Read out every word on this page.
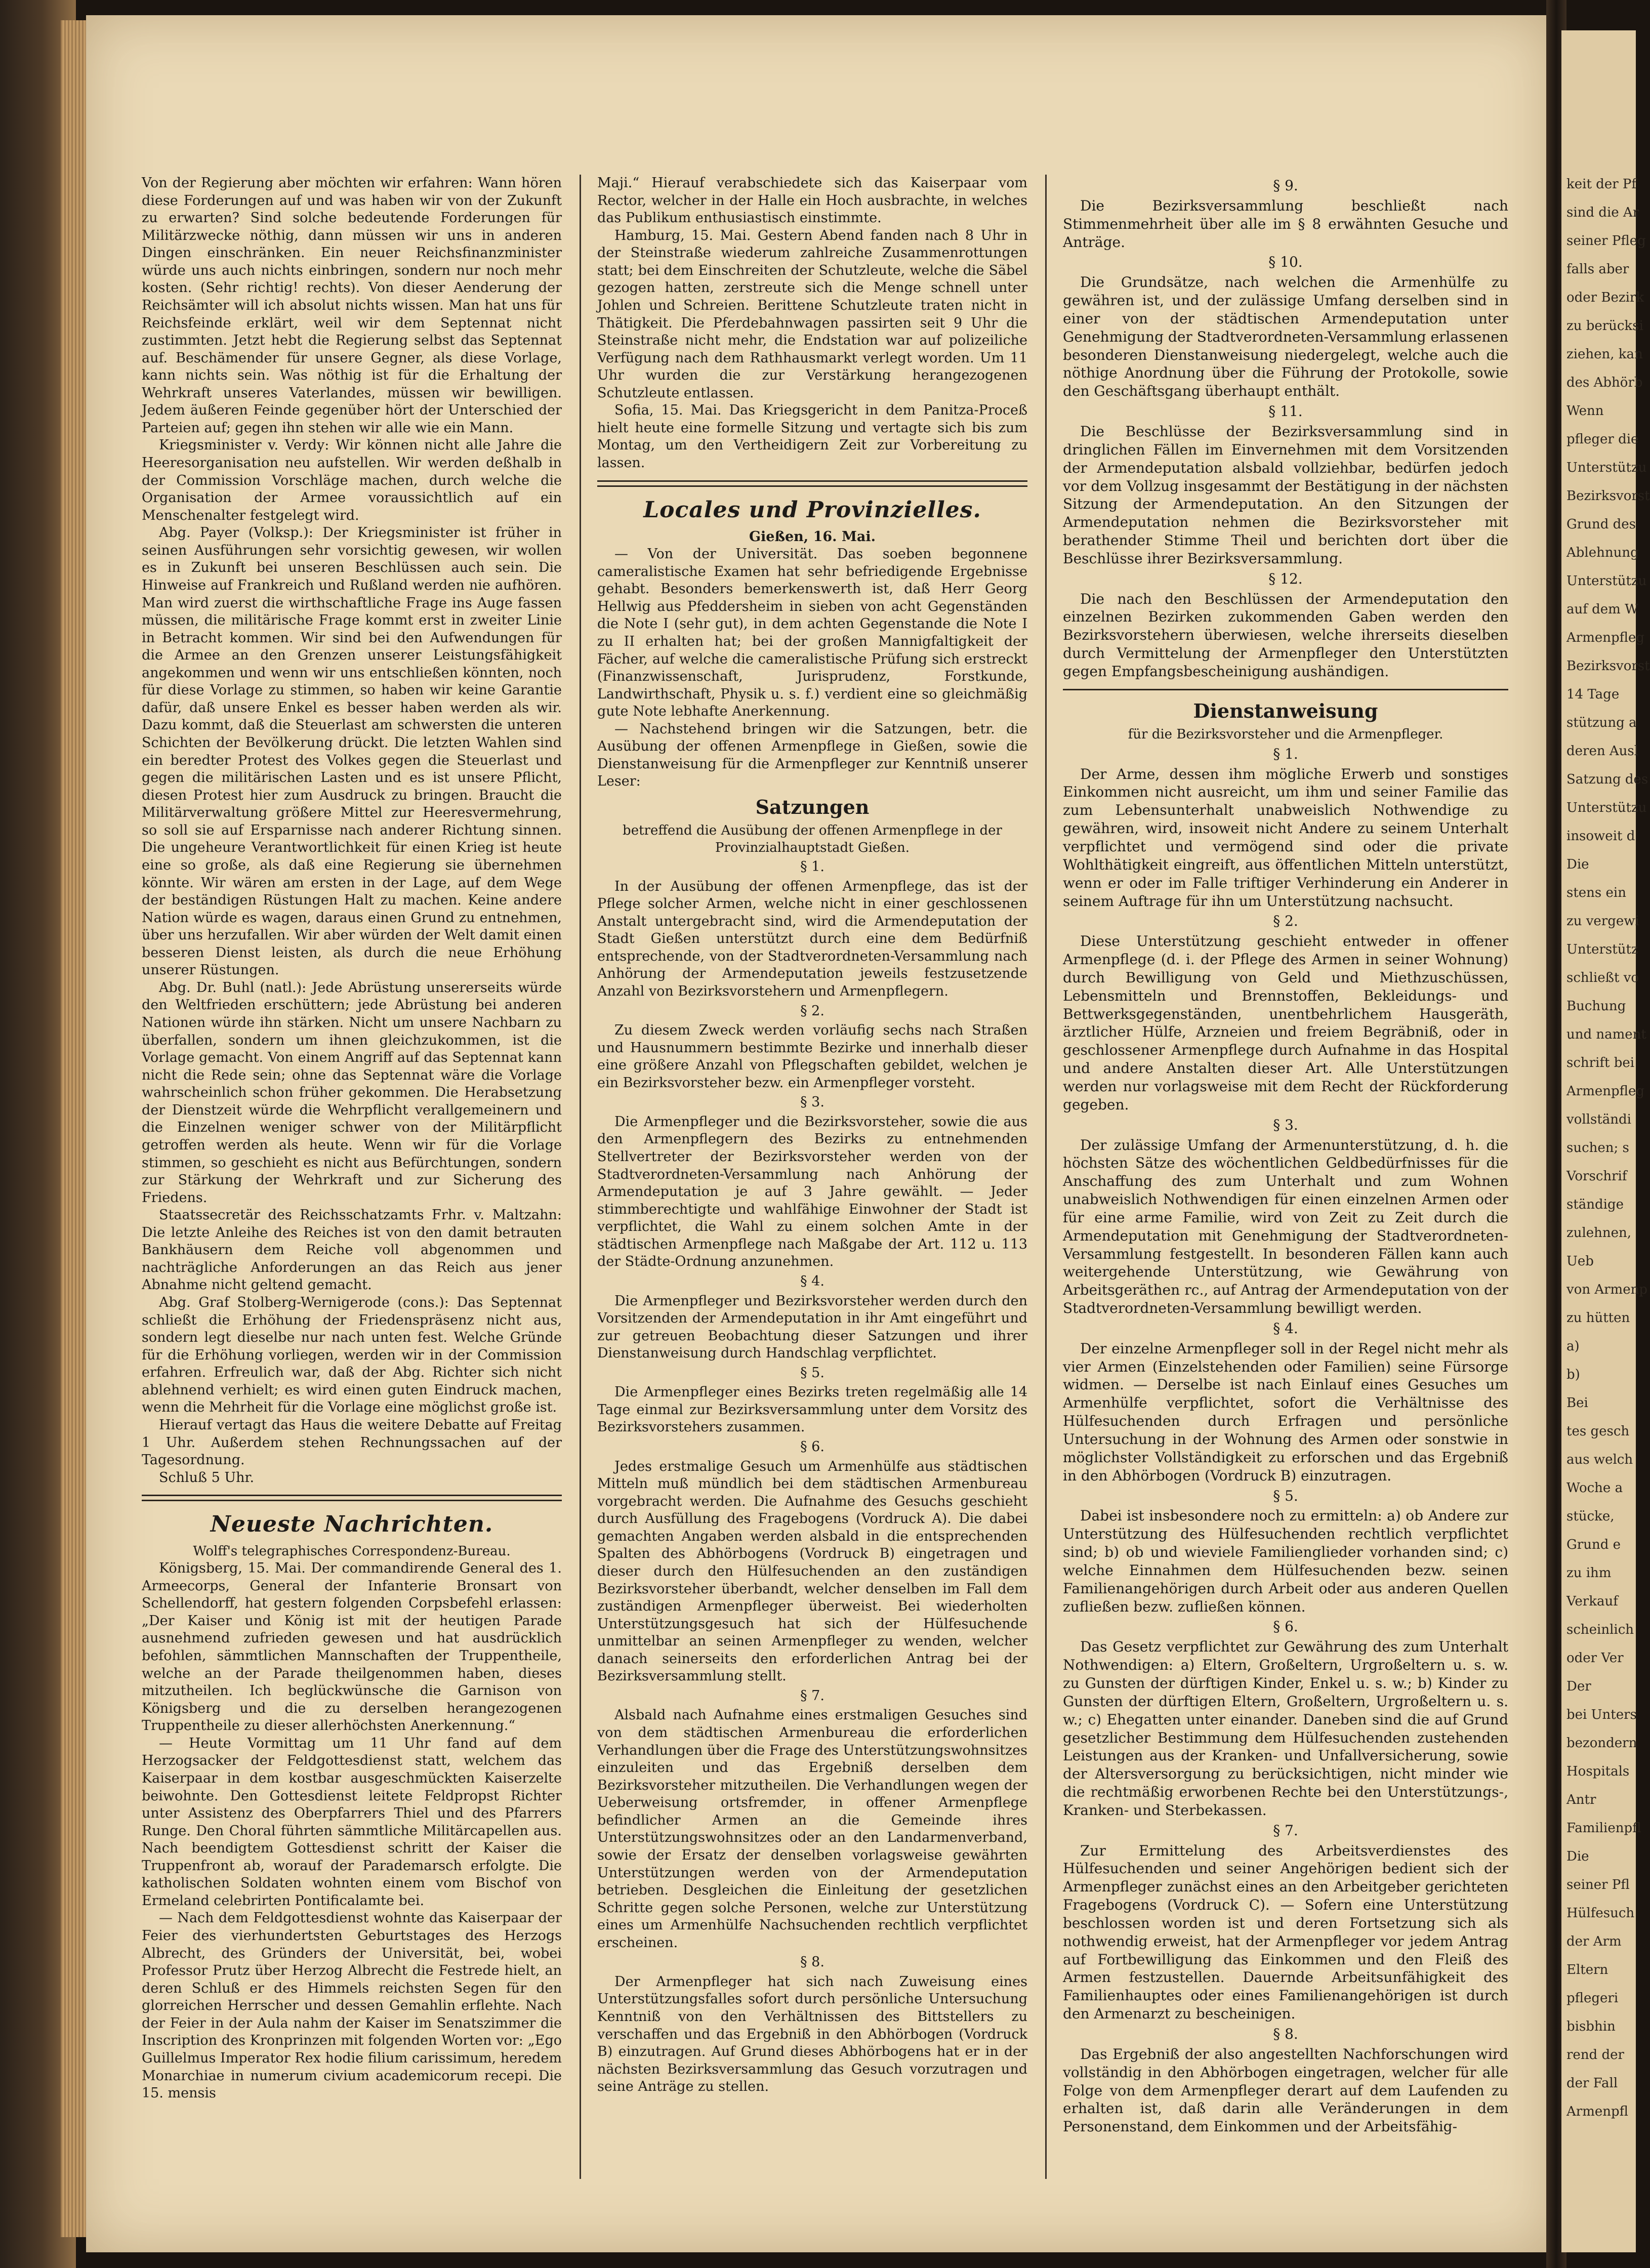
Von der Regierung aber möchten wir erfahren: Wann hören diese Forderungen auf und was haben wir von der Zukunft zu erwarten? Sind solche bedeutende Forderungen für Militärzwecke nöthig, dann müssen wir uns in anderen Dingen einschränken. Ein neuer Reichsfinanzminister würde uns auch nichts einbringen, sondern nur noch mehr kosten. (Sehr richtig! rechts). Von dieser Aenderung der Reichsämter will ich absolut nichts wissen. Man hat uns für Reichsfeinde erklärt, weil wir dem Septennat nicht zustimmten. Jetzt hebt die Regierung selbst das Septennat auf. Beschämender für unsere Gegner, als diese Vorlage, kann nichts sein. Was nöthig ist für die Erhaltung der Wehrkraft unseres Vaterlandes, müssen wir bewilligen. Jedem äußeren Feinde gegenüber hört der Unterschied der Parteien auf; gegen ihn stehen wir alle wie ein Mann.

Kriegsminister v. Verdy: Wir können nicht alle Jahre die Heeresorganisation neu aufstellen. Wir werden deßhalb in der Commission Vorschläge machen, durch welche die Organisation der Armee voraussichtlich auf ein Menschenalter festgelegt wird.

Abg. Payer (Volksp.): Der Kriegsminister ist früher in seinen Ausführungen sehr vorsichtig gewesen, wir wollen es in Zukunft bei unseren Beschlüssen auch sein. Die Hinweise auf Frankreich und Rußland werden nie aufhören. Man wird zuerst die wirthschaftliche Frage ins Auge fassen müssen, die militärische Frage kommt erst in zweiter Linie in Betracht kommen. Wir sind bei den Aufwendungen für die Armee an den Grenzen unserer Leistungsfähigkeit angekommen und wenn wir uns entschließen könnten, noch für diese Vorlage zu stimmen, so haben wir keine Garantie dafür, daß unsere Enkel es besser haben werden als wir. Dazu kommt, daß die Steuerlast am schwersten die unteren Schichten der Bevölkerung drückt. Die letzten Wahlen sind ein beredter Protest des Volkes gegen die Steuerlast und gegen die militärischen Lasten und es ist unsere Pflicht, diesen Protest hier zum Ausdruck zu bringen. Braucht die Militärverwaltung größere Mittel zur Heeresvermehrung, so soll sie auf Ersparnisse nach anderer Richtung sinnen. Die ungeheure Verantwortlichkeit für einen Krieg ist heute eine so große, als daß eine Regierung sie übernehmen könnte. Wir wären am ersten in der Lage, auf dem Wege der beständigen Rüstungen Halt zu machen. Keine andere Nation würde es wagen, daraus einen Grund zu entnehmen, über uns herzufallen. Wir aber würden der Welt damit einen besseren Dienst leisten, als durch die neue Erhöhung unserer Rüstungen.

Abg. Dr. Buhl (natl.): Jede Abrüstung unsererseits würde den Weltfrieden erschüttern; jede Abrüstung bei anderen Nationen würde ihn stärken. Nicht um unsere Nachbarn zu überfallen, sondern um ihnen gleichzukommen, ist die Vorlage gemacht. Von einem Angriff auf das Septennat kann nicht die Rede sein; ohne das Septennat wäre die Vorlage wahrscheinlich schon früher gekommen. Die Herabsetzung der Dienstzeit würde die Wehrpflicht verallgemeinern und die Einzelnen weniger schwer von der Militärpflicht getroffen werden als heute. Wenn wir für die Vorlage stimmen, so geschieht es nicht aus Befürchtungen, sondern zur Stärkung der Wehrkraft und zur Sicherung des Friedens.

Staatssecretär des Reichsschatzamts Frhr. v. Maltzahn: Die letzte Anleihe des Reiches ist von den damit betrauten Bankhäusern dem Reiche voll abgenommen und nachträgliche Anforderungen an das Reich aus jener Abnahme nicht geltend gemacht.

Abg. Graf Stolberg-Wernigerode (cons.): Das Septennat schließt die Erhöhung der Friedenspräsenz nicht aus, sondern legt dieselbe nur nach unten fest. Welche Gründe für die Erhöhung vorliegen, werden wir in der Commission erfahren. Erfreulich war, daß der Abg. Richter sich nicht ablehnend verhielt; es wird einen guten Eindruck machen, wenn die Mehrheit für die Vorlage eine möglichst große ist.

Hierauf vertagt das Haus die weitere Debatte auf Freitag 1 Uhr. Außerdem stehen Rechnungssachen auf der Tagesordnung.

Schluß 5 Uhr.

Neueste Nachrichten.
Wolff's telegraphisches Correspondenz-Bureau.

Königsberg, 15. Mai. Der commandirende General des 1. Armeecorps, General der Infanterie Bronsart von Schellendorff, hat gestern folgenden Corpsbefehl erlassen: „Der Kaiser und König ist mit der heutigen Parade ausnehmend zufrieden gewesen und hat ausdrücklich befohlen, sämmtlichen Mannschaften der Truppentheile, welche an der Parade theilgenommen haben, dieses mitzutheilen. Ich beglückwünsche die Garnison von Königsberg und die zu derselben herangezogenen Truppentheile zu dieser allerhöchsten Anerkennung.“

— Heute Vormittag um 11 Uhr fand auf dem Herzogsacker der Feldgottesdienst statt, welchem das Kaiserpaar in dem kostbar ausgeschmückten Kaiserzelte beiwohnte. Den Gottesdienst leitete Feldpropst Richter unter Assistenz des Oberpfarrers Thiel und des Pfarrers Runge. Den Choral führten sämmtliche Militärcapellen aus. Nach beendigtem Gottesdienst schritt der Kaiser die Truppenfront ab, worauf der Parademarsch erfolgte. Die katholischen Soldaten wohnten einem vom Bischof von Ermeland celebrirten Pontificalamte bei.

— Nach dem Feldgottesdienst wohnte das Kaiserpaar der Feier des vierhundertsten Geburtstages des Herzogs Albrecht, des Gründers der Universität, bei, wobei Professor Prutz über Herzog Albrecht die Festrede hielt, an deren Schluß er des Himmels reichsten Segen für den glorreichen Herrscher und dessen Gemahlin erflehte. Nach der Feier in der Aula nahm der Kaiser im Senatszimmer die Inscription des Kronprinzen mit folgenden Worten vor: „Ego Guillelmus Imperator Rex hodie filium carissimum, heredem Monarchiae in numerum civium academicorum recepi. Die 15. mensis

Maji.“ Hierauf verabschiedete sich das Kaiserpaar vom Rector, welcher in der Halle ein Hoch ausbrachte, in welches das Publikum enthusiastisch einstimmte.

Hamburg, 15. Mai. Gestern Abend fanden nach 8 Uhr in der Steinstraße wiederum zahlreiche Zusammenrottungen statt; bei dem Einschreiten der Schutzleute, welche die Säbel gezogen hatten, zerstreute sich die Menge schnell unter Johlen und Schreien. Berittene Schutzleute traten nicht in Thätigkeit. Die Pferdebahnwagen passirten seit 9 Uhr die Steinstraße nicht mehr, die Endstation war auf polizeiliche Verfügung nach dem Rathhausmarkt verlegt worden. Um 11 Uhr wurden die zur Verstärkung herangezogenen Schutzleute entlassen.

Sofia, 15. Mai. Das Kriegsgericht in dem Panitza-Proceß hielt heute eine formelle Sitzung und vertagte sich bis zum Montag, um den Vertheidigern Zeit zur Vorbereitung zu lassen.

Locales und Provinzielles.
Gießen, 16. Mai.

— Von der Universität. Das soeben begonnene cameralistische Examen hat sehr befriedigende Ergebnisse gehabt. Besonders bemerkenswerth ist, daß Herr Georg Hellwig aus Pfeddersheim in sieben von acht Gegenständen die Note I (sehr gut), in dem achten Gegenstande die Note I zu II erhalten hat; bei der großen Mannigfaltigkeit der Fächer, auf welche die cameralistische Prüfung sich erstreckt (Finanzwissenschaft, Jurisprudenz, Forstkunde, Landwirthschaft, Physik u. s. f.) verdient eine so gleichmäßig gute Note lebhafte Anerkennung.

— Nachstehend bringen wir die Satzungen, betr. die Ausübung der offenen Armenpflege in Gießen, sowie die Dienstanweisung für die Armenpfleger zur Kenntniß unserer Leser:

Satzungen
betreffend die Ausübung der offenen Armenpflege in der Provinzialhauptstadt Gießen.
§ 1.

In der Ausübung der offenen Armenpflege, das ist der Pflege solcher Armen, welche nicht in einer geschlossenen Anstalt untergebracht sind, wird die Armendeputation der Stadt Gießen unterstützt durch eine dem Bedürfniß entsprechende, von der Stadtverordneten-Versammlung nach Anhörung der Armendeputation jeweils festzusetzende Anzahl von Bezirksvorstehern und Armenpflegern.

§ 2.

Zu diesem Zweck werden vorläufig sechs nach Straßen und Hausnummern bestimmte Bezirke und innerhalb dieser eine größere Anzahl von Pflegschaften gebildet, welchen je ein Bezirksvorsteher bezw. ein Armenpfleger vorsteht.

§ 3.

Die Armenpfleger und die Bezirksvorsteher, sowie die aus den Armenpflegern des Bezirks zu entnehmenden Stellvertreter der Bezirksvorsteher werden von der Stadtverordneten-Versammlung nach Anhörung der Armendeputation je auf 3 Jahre gewählt. — Jeder stimmberechtigte und wahlfähige Einwohner der Stadt ist verpflichtet, die Wahl zu einem solchen Amte in der städtischen Armenpflege nach Maßgabe der Art. 112 u. 113 der Städte-Ordnung anzunehmen.

§ 4.

Die Armenpfleger und Bezirksvorsteher werden durch den Vorsitzenden der Armendeputation in ihr Amt eingeführt und zur getreuen Beobachtung dieser Satzungen und ihrer Dienstanweisung durch Handschlag verpflichtet.

§ 5.

Die Armenpfleger eines Bezirks treten regelmäßig alle 14 Tage einmal zur Bezirksversammlung unter dem Vorsitz des Bezirksvorstehers zusammen.

§ 6.

Jedes erstmalige Gesuch um Armenhülfe aus städtischen Mitteln muß mündlich bei dem städtischen Armenbureau vorgebracht werden. Die Aufnahme des Gesuchs geschieht durch Ausfüllung des Fragebogens (Vordruck A). Die dabei gemachten Angaben werden alsbald in die entsprechenden Spalten des Abhörbogens (Vordruck B) eingetragen und dieser durch den Hülfesuchenden an den zuständigen Bezirksvorsteher überbandt, welcher denselben im Fall dem zuständigen Armenpfleger überweist. Bei wiederholten Unterstützungsgesuch hat sich der Hülfesuchende unmittelbar an seinen Armenpfleger zu wenden, welcher danach seinerseits den erforderlichen Antrag bei der Bezirksversammlung stellt.

§ 7.

Alsbald nach Aufnahme eines erstmaligen Gesuches sind von dem städtischen Armenbureau die erforderlichen Verhandlungen über die Frage des Unterstützungswohnsitzes einzuleiten und das Ergebniß derselben dem Bezirksvorsteher mitzutheilen. Die Verhandlungen wegen der Ueberweisung ortsfremder, in offener Armenpflege befindlicher Armen an die Gemeinde ihres Unterstützungswohnsitzes oder an den Landarmenverband, sowie der Ersatz der denselben vorlagsweise gewährten Unterstützungen werden von der Armendeputation betrieben. Desgleichen die Einleitung der gesetzlichen Schritte gegen solche Personen, welche zur Unterstützung eines um Armenhülfe Nachsuchenden rechtlich verpflichtet erscheinen.

§ 8.

Der Armenpfleger hat sich nach Zuweisung eines Unterstützungsfalles sofort durch persönliche Untersuchung Kenntniß von den Verhältnissen des Bittstellers zu verschaffen und das Ergebniß in den Abhörbogen (Vordruck B) einzutragen. Auf Grund dieses Abhörbogens hat er in der nächsten Bezirksversammlung das Gesuch vorzutragen und seine Anträge zu stellen.

§ 9.

Die Bezirksversammlung beschließt nach Stimmenmehrheit über alle im § 8 erwähnten Gesuche und Anträge.

§ 10.

Die Grundsätze, nach welchen die Armenhülfe zu gewähren ist, und der zulässige Umfang derselben sind in einer von der städtischen Armendeputation unter Genehmigung der Stadtverordneten-Versammlung erlassenen besonderen Dienstanweisung niedergelegt, welche auch die nöthige Anordnung über die Führung der Protokolle, sowie den Geschäftsgang überhaupt enthält.

§ 11.

Die Beschlüsse der Bezirksversammlung sind in dringlichen Fällen im Einvernehmen mit dem Vorsitzenden der Armendeputation alsbald vollziehbar, bedürfen jedoch vor dem Vollzug insgesammt der Bestätigung in der nächsten Sitzung der Armendeputation. An den Sitzungen der Armendeputation nehmen die Bezirksvorsteher mit berathender Stimme Theil und berichten dort über die Beschlüsse ihrer Bezirksversammlung.

§ 12.

Die nach den Beschlüssen der Armendeputation den einzelnen Bezirken zukommenden Gaben werden den Bezirksvorstehern überwiesen, welche ihrerseits dieselben durch Vermittelung der Armenpfleger den Unterstützten gegen Empfangsbescheinigung aushändigen.

Dienstanweisung
für die Bezirksvorsteher und die Armenpfleger.
§ 1.

Der Arme, dessen ihm mögliche Erwerb und sonstiges Einkommen nicht ausreicht, um ihm und seiner Familie das zum Lebensunterhalt unabweislich Nothwendige zu gewähren, wird, insoweit nicht Andere zu seinem Unterhalt verpflichtet und vermögend sind oder die private Wohlthätigkeit eingreift, aus öffentlichen Mitteln unterstützt, wenn er oder im Falle triftiger Verhinderung ein Anderer in seinem Auftrage für ihn um Unterstützung nachsucht.

§ 2.

Diese Unterstützung geschieht entweder in offener Armenpflege (d. i. der Pflege des Armen in seiner Wohnung) durch Bewilligung von Geld und Miethzuschüssen, Lebensmitteln und Brennstoffen, Bekleidungs- und Bettwerksgegenständen, unentbehrlichem Hausgeräth, ärztlicher Hülfe, Arzneien und freiem Begräbniß, oder in geschlossener Armenpflege durch Aufnahme in das Hospital und andere Anstalten dieser Art. Alle Unterstützungen werden nur vorlagsweise mit dem Recht der Rückforderung gegeben.

§ 3.

Der zulässige Umfang der Armenunterstützung, d. h. die höchsten Sätze des wöchentlichen Geldbedürfnisses für die Anschaffung des zum Unterhalt und zum Wohnen unabweislich Nothwendigen für einen einzelnen Armen oder für eine arme Familie, wird von Zeit zu Zeit durch die Armendeputation mit Genehmigung der Stadtverordneten-Versammlung festgestellt. In besonderen Fällen kann auch weitergehende Unterstützung, wie Gewährung von Arbeitsgeräthen rc., auf Antrag der Armendeputation von der Stadtverordneten-Versammlung bewilligt werden.

§ 4.

Der einzelne Armenpfleger soll in der Regel nicht mehr als vier Armen (Einzelstehenden oder Familien) seine Fürsorge widmen. — Derselbe ist nach Einlauf eines Gesuches um Armenhülfe verpflichtet, sofort die Verhältnisse des Hülfesuchenden durch Erfragen und persönliche Untersuchung in der Wohnung des Armen oder sonstwie in möglichster Vollständigkeit zu erforschen und das Ergebniß in den Abhörbogen (Vordruck B) einzutragen.

§ 5.

Dabei ist insbesondere noch zu ermitteln: a) ob Andere zur Unterstützung des Hülfesuchenden rechtlich verpflichtet sind; b) ob und wieviele Familienglieder vorhanden sind; c) welche Einnahmen dem Hülfesuchenden bezw. seinen Familienangehörigen durch Arbeit oder aus anderen Quellen zufließen bezw. zufließen können.

§ 6.

Das Gesetz verpflichtet zur Gewährung des zum Unterhalt Nothwendigen: a) Eltern, Großeltern, Urgroßeltern u. s. w. zu Gunsten der dürftigen Kinder, Enkel u. s. w.; b) Kinder zu Gunsten der dürftigen Eltern, Großeltern, Urgroßeltern u. s. w.; c) Ehegatten unter einander. Daneben sind die auf Grund gesetzlicher Bestimmung dem Hülfesuchenden zustehenden Leistungen aus der Kranken- und Unfallversicherung, sowie der Altersversorgung zu berücksichtigen, nicht minder wie die rechtmäßig erworbenen Rechte bei den Unterstützungs-, Kranken- und Sterbekassen.

§ 7.

Zur Ermittelung des Arbeitsverdienstes des Hülfesuchenden und seiner Angehörigen bedient sich der Armenpfleger zunächst eines an den Arbeitgeber gerichteten Fragebogens (Vordruck C). — Sofern eine Unterstützung beschlossen worden ist und deren Fortsetzung sich als nothwendig erweist, hat der Armenpfleger vor jedem Antrag auf Fortbewilligung das Einkommen und den Fleiß des Armen festzustellen. Dauernde Arbeitsunfähigkeit des Familienhauptes oder eines Familienangehörigen ist durch den Armenarzt zu bescheinigen.

§ 8.

Das Ergebniß der also angestellten Nachforschungen wird vollständig in den Abhörbogen eingetragen, welcher für alle Folge von dem Armenpfleger derart auf dem Laufenden zu erhalten ist, daß darin alle Veränderungen in dem Personenstand, dem Einkommen und der Arbeitsfähig-

keit der Pf
sind die Ar
seiner Pfleg
falls aber
oder Bezirk
zu berücksi
ziehen, kan
des Abhörb
Wenn
pfleger die
Unterstützu
Bezirksvorst
Grund des
Ablehnung
Unterstützu
auf dem W
Armenpfleg
Bezirksvorst
14 Tage
stützung a
deren Ausl
Satzung des
Unterstützu
insoweit d
Die
stens ein
zu vergewi
Unterstütz
schließt vo
Buchung
und nament
schrift bei
Armenpfleg
vollständi
suchen; s
Vorschrif
ständige
zulehnen,
Ueb
von Armenp
zu hütten
a)
b)
Bei
tes gesch
aus welch
Woche a
stücke,
Grund e
zu ihm
Verkauf
scheinlich
oder Ver
Der
bei Unters
bezondern
Hospitals
Antr
Familienpfl
Die
seiner Pfl
Hülfesuch
der Arm
Eltern
pflegeri
bisbhin
rend der
der Fall
Armenpfl
